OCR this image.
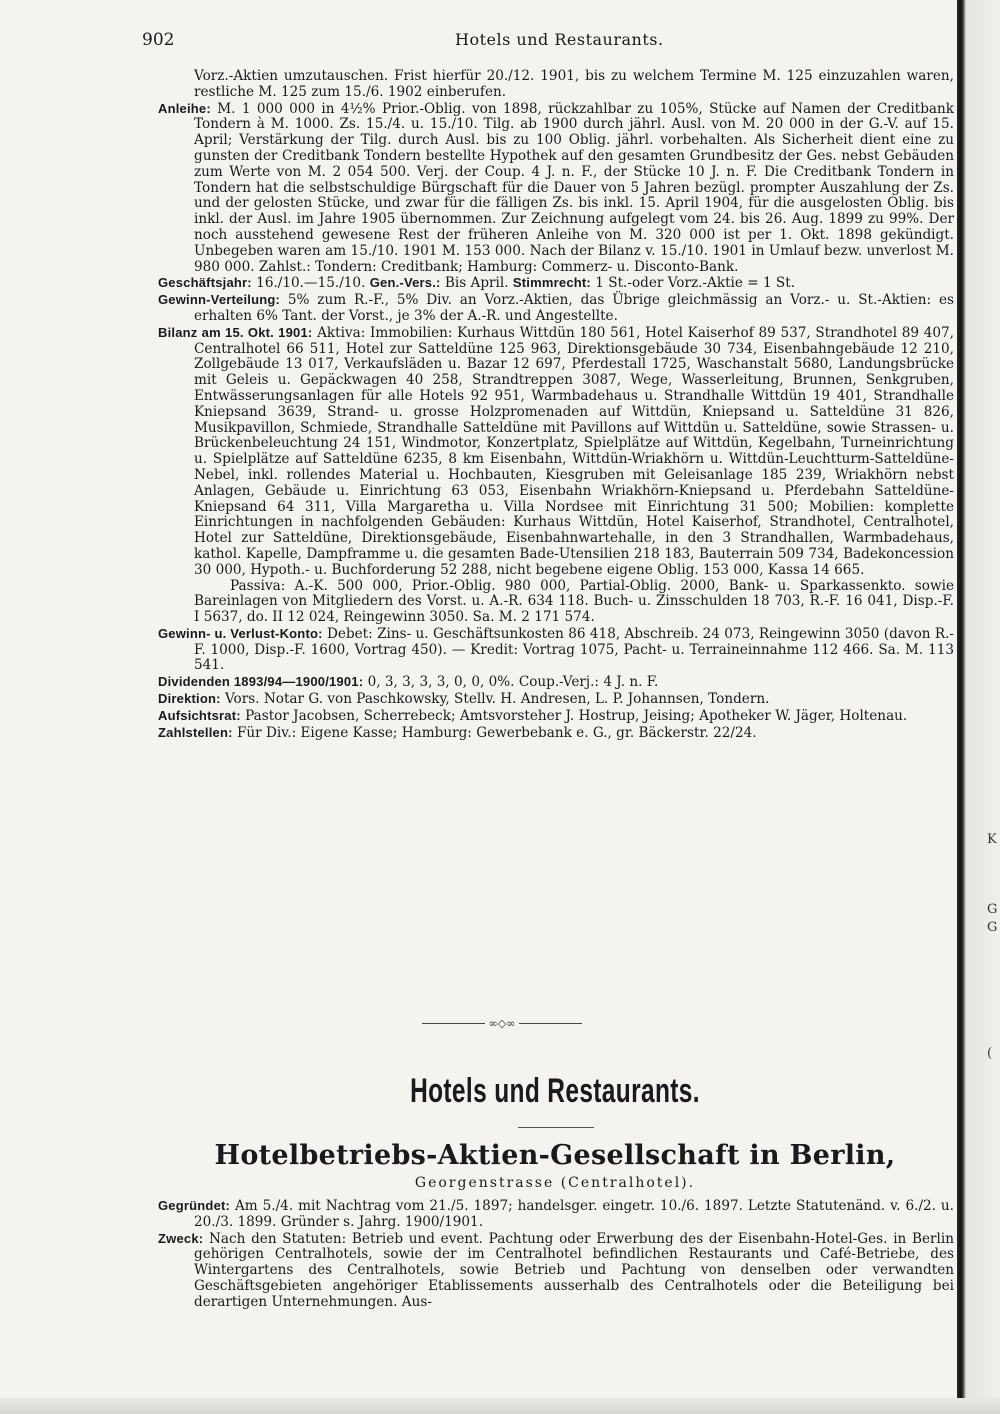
902	Hotels und Restaurants.

Vorz.-Aktien umzutauschen. Frist hierfür 20./12. 1901, bis zu welchem Termine M. 125 einzuzahlen waren, restliche M. 125 zum 15./6. 1902 einberufen.

Anleihe: M. 1 000 000 in 4½% Prior.-Oblig. von 1898, rückzahlbar zu 105%, Stücke auf Namen der Creditbank Tondern à M. 1000. Zs. 15./4. u. 15./10. Tilg. ab 1900 durch jährl. Ausl. von M. 20 000 in der G.-V. auf 15. April; Verstärkung der Tilg. durch Ausl. bis zu 100 Oblig. jährl. vorbehalten. Als Sicherheit dient eine zu gunsten der Creditbank Tondern bestellte Hypothek auf den gesamten Grundbesitz der Ges. nebst Gebäuden zum Werte von M. 2 054 500. Verj. der Coup. 4 J. n. F., der Stücke 10 J. n. F. Die Creditbank Tondern in Tondern hat die selbstschuldige Bürgschaft für die Dauer von 5 Jahren bezügl. prompter Auszahlung der Zs. und der gelosten Stücke, und zwar für die fälligen Zs. bis inkl. 15. April 1904, für die ausgelosten Oblig. bis inkl. der Ausl. im Jahre 1905 übernommen. Zur Zeichnung aufgelegt vom 24. bis 26. Aug. 1899 zu 99%. Der noch ausstehend gewesene Rest der früheren Anleihe von M. 320 000 ist per 1. Okt. 1898 gekündigt. Unbegeben waren am 15./10. 1901 M. 153 000. Nach der Bilanz v. 15./10. 1901 in Umlauf bezw. unverlost M. 980 000. Zahlst.: Tondern: Creditbank; Hamburg: Commerz- u. Disconto-Bank.

Geschäftsjahr: 16./10.—15./10. Gen.-Vers.: Bis April. Stimmrecht: 1 St.-oder Vorz.-Aktie = 1 St.

Gewinn-Verteilung: 5% zum R.-F., 5% Div. an Vorz.-Aktien, das Übrige gleichmässig an Vorz.- u. St.-Aktien: es erhalten 6% Tant. der Vorst., je 3% der A.-R. und Angestellte.

Bilanz am 15. Okt. 1901: Aktiva: Immobilien: Kurhaus Wittdün 180 561, Hotel Kaiserhof 89 537, Strandhotel 89 407, Centralhotel 66 511, Hotel zur Satteldüne 125 963, Direktionsgebäude 30 734, Eisenbahngebäude 12 210, Zollgebäude 13 017, Verkaufsläden u. Bazar 12 697, Pferdestall 1725, Waschanstalt 5680, Landungsbrücke mit Geleis u. Gepäckwagen 40 258, Strandtreppen 3087, Wege, Wasserleitung, Brunnen, Senkgruben, Entwässerungsanlagen für alle Hotels 92 951, Warmbadehaus u. Strandhalle Wittdün 19 401, Strandhalle Kniepsand 3639, Strand- u. grosse Holzpromenaden auf Wittdün, Kniepsand u. Satteldüne 31 826, Musikpavillon, Schmiede, Strandhalle Satteldüne mit Pavillons auf Wittdün u. Satteldüne, sowie Strassen- u. Brückenbeleuchtung 24 151, Windmotor, Konzertplatz, Spielplätze auf Wittdün, Kegelbahn, Turneinrichtung u. Spielplätze auf Satteldüne 6235, 8 km Eisenbahn, Wittdün-Wriakhörn u. Wittdün-Leuchtturm-Satteldüne-Nebel, inkl. rollendes Material u. Hochbauten, Kiesgruben mit Geleisanlage 185 239, Wriakhörn nebst Anlagen, Gebäude u. Einrichtung 63 053, Eisenbahn Wriakhörn-Kniepsand u. Pferdebahn Satteldüne-Kniepsand 64 311, Villa Margaretha u. Villa Nordsee mit Einrichtung 31 500; Mobilien: komplette Einrichtungen in nachfolgenden Gebäuden: Kurhaus Wittdün, Hotel Kaiserhof, Strandhotel, Centralhotel, Hotel zur Satteldüne, Direktionsgebäude, Eisenbahnwartehalle, in den 3 Strandhallen, Warmbadehaus, kathol. Kapelle, Dampframme u. die gesamten Bade-Utensilien 218 183, Bauterrain 509 734, Badekoncession 30 000, Hypoth.- u. Buchforderung 52 288, nicht begebene eigene Oblig. 153 000, Kassa 14 665.

Passiva: A.-K. 500 000, Prior.-Oblig. 980 000, Partial-Oblig. 2000, Bank- u. Sparkassenkto. sowie Bareinlagen von Mitgliedern des Vorst. u. A.-R. 634 118. Buch- u. Zinsschulden 18 703, R.-F. 16 041, Disp.-F. I 5637, do. II 12 024, Reingewinn 3050. Sa. M. 2 171 574.

Gewinn- u. Verlust-Konto: Debet: Zins- u. Geschäftsunkosten 86 418, Abschreib. 24 073, Reingewinn 3050 (davon R.-F. 1000, Disp.-F. 1600, Vortrag 450). — Kredit: Vortrag 1075, Pacht- u. Terraineinnahme 112 466. Sa. M. 113 541.

Dividenden 1893/94—1900/1901: 0, 3, 3, 3, 3, 0, 0, 0%. Coup.-Verj.: 4 J. n. F.

Direktion: Vors. Notar G. von Paschkowsky, Stellv. H. Andresen, L. P. Johannsen, Tondern.

Aufsichtsrat: Pastor Jacobsen, Scherrebeck; Amtsvorsteher J. Hostrup, Jeising; Apotheker W. Jäger, Holtenau.

Zahlstellen: Für Div.: Eigene Kasse; Hamburg: Gewerbebank e. G., gr. Bäckerstr. 22/24.

∞◇∞
Hotels und Restaurants.
Hotelbetriebs-Aktien-Gesellschaft in Berlin,
Georgenstrasse (Centralhotel).

Gegründet: Am 5./4. mit Nachtrag vom 21./5. 1897; handelsger. eingetr. 10./6. 1897. Letzte Statutenänd. v. 6./2. u. 20./3. 1899. Gründer s. Jahrg. 1900/1901.

Zweck: Nach den Statuten: Betrieb und event. Pachtung oder Erwerbung des der Eisenbahn-Hotel-Ges. in Berlin gehörigen Centralhotels, sowie der im Centralhotel befindlichen Restaurants und Café-Betriebe, des Wintergartens des Centralhotels, sowie Betrieb und Pachtung von denselben oder verwandten Geschäftsgebieten angehöriger Etablissements ausserhalb des Centralhotels oder die Beteiligung bei derartigen Unternehmungen. Aus-

K
G
G
(
